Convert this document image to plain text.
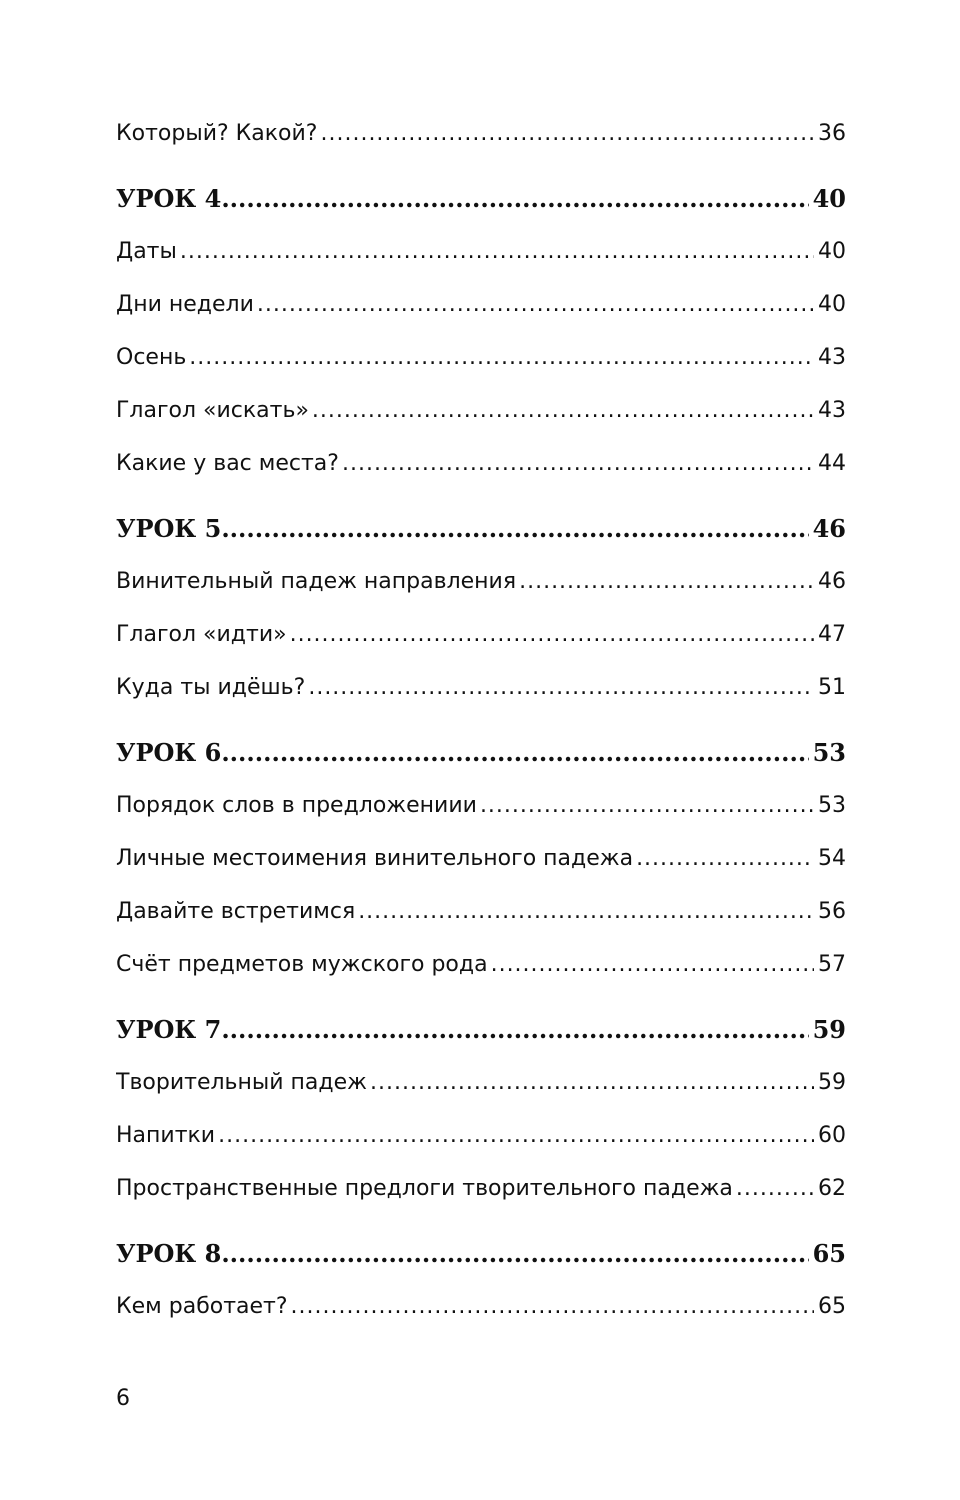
Который? Какой? .....	36
УРОК 4 .....	40
Даты .....	40
Дни недели .....	40
Осень .....	43
Глагол «искать» .....	43
Какие у вас места? .....	44
УРОК 5 .....	46
Винительный падеж направления .....	46
Глагол «идти» .....	47
Куда ты идёшь? .....	51
УРОК 6 .....	53
Порядок слов в предложениии .....	53
Личные местоимения винительного падежа .....	54
Давайте встретимся .....	56
Счёт предметов мужского рода .....	57
УРОК 7 .....	59
Творительный падеж .....	59
Напитки .....	60
Пространственные предлоги творительного падежа .....	62
УРОК 8 .....	65
Кем работает? .....	65
6
